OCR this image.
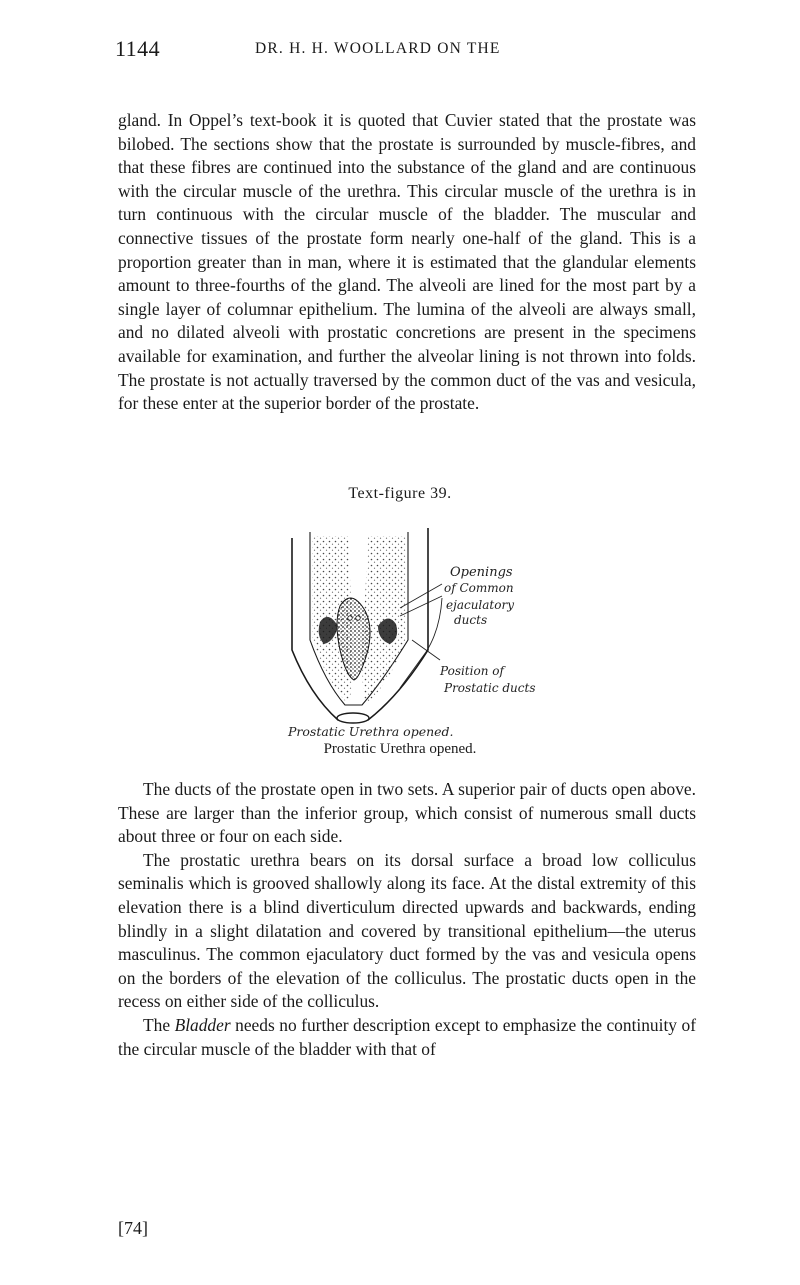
1144	DR. H. H. WOOLLARD ON THE

gland. In Oppel’s text-book it is quoted that Cuvier stated that the prostate was bilobed. The sections show that the prostate is surrounded by muscle-fibres, and that these fibres are continued into the substance of the gland and are continuous with the circular muscle of the urethra. This circular muscle of the urethra is in turn continuous with the circular muscle of the bladder. The muscular and connective tissues of the prostate form nearly one-half of the gland. This is a proportion greater than in man, where it is estimated that the glandular elements amount to three-fourths of the gland. The alveoli are lined for the most part by a single layer of columnar epithelium. The lumina of the alveoli are always small, and no dilated alveoli with prostatic concretions are present in the specimens available for examination, and further the alveolar lining is not thrown into folds. The prostate is not actually traversed by the common duct of the vas and vesicula, for these enter at the superior border of the prostate.

Text-figure 39.
Openings
of Common
ejaculatory
ducts
Position of
Prostatic ducts
Prostatic Urethra opened.
Prostatic Urethra opened.

The ducts of the prostate open in two sets. A superior pair of ducts open above. These are larger than the inferior group, which consist of numerous small ducts about three or four on each side.

The prostatic urethra bears on its dorsal surface a broad low colliculus seminalis which is grooved shallowly along its face. At the distal extremity of this elevation there is a blind diverticulum directed upwards and backwards, ending blindly in a slight dilatation and covered by transitional epithelium—the uterus masculinus. The common ejaculatory duct formed by the vas and vesicula opens on the borders of the elevation of the colliculus. The prostatic ducts open in the recess on either side of the colliculus.

The Bladder needs no further description except to emphasize the continuity of the circular muscle of the bladder with that of

[74]
